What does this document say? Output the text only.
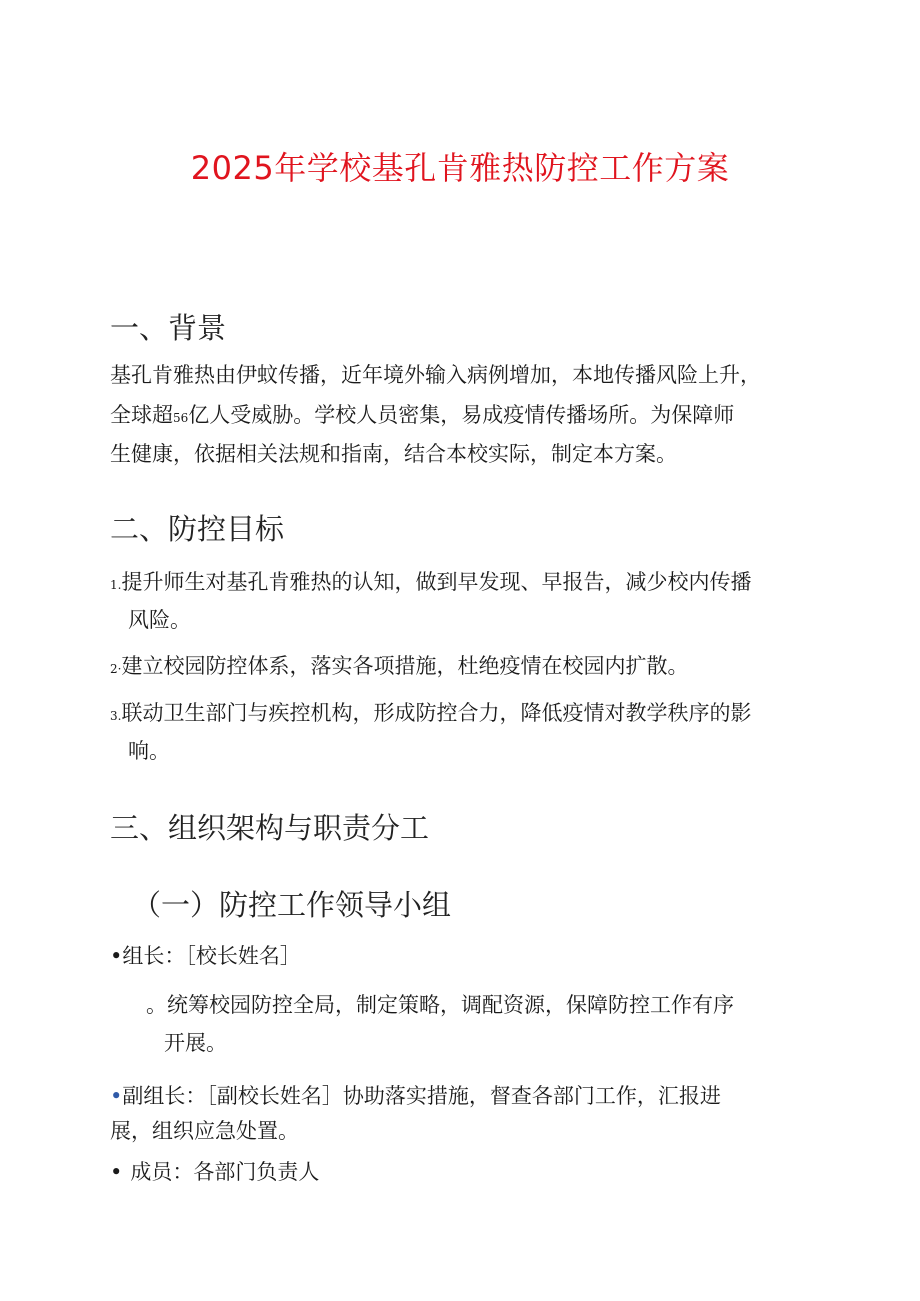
2025年学校基孔肯雅热防控工作方案
一、背景
基孔肯雅热由伊蚊传播，近年境外输入病例增加，本地传播风险上升，
全球超56亿人受威胁。学校人员密集，易成疫情传播场所。为保障师
生健康，依据相关法规和指南，结合本校实际，制定本方案。
二、防控目标
1.提升师生对基孔肯雅热的认知，做到早发现、早报告，减少校内传播
风险。
2·建立校园防控体系，落实各项措施，杜绝疫情在校园内扩散。
3.联动卫生部门与疾控机构，形成防控合力，降低疫情对教学秩序的影
响。
三、组织架构与职责分工
（一）防控工作领导小组
•组长：［校长姓名］
。统筹校园防控全局，制定策略，调配资源，保障防控工作有序
开展。
•副组长：［副校长姓名］协助落实措施，督查各部门工作，汇报进
展，组织应急处置。
• 成员：各部门负责人
